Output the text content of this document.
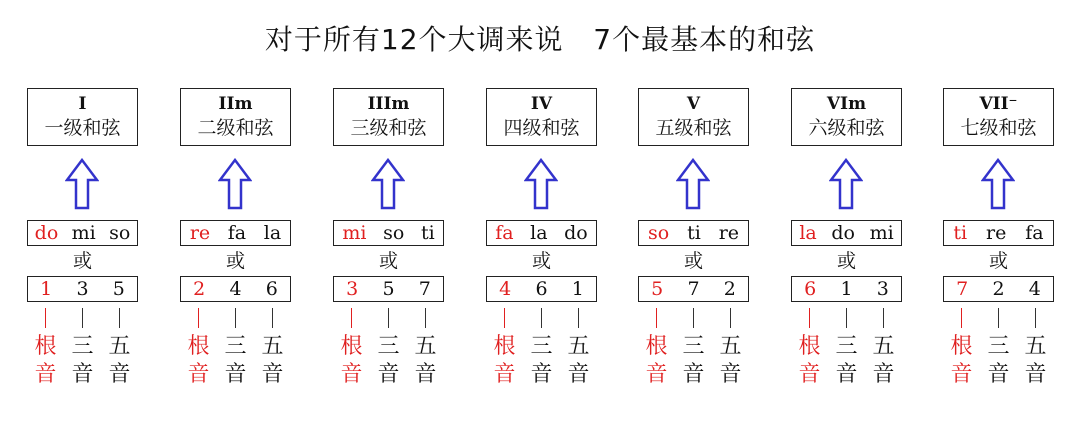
对于所有12个大调来说   7个最基本的和弦
I
一级和弦
do mi so
或
1 3 5
根
音
三
音
五
音
IIm
二级和弦
re fa la
或
2 4 6
根
音
三
音
五
音
IIIm
三级和弦
mi so ti
或
3 5 7
根
音
三
音
五
音
IV
四级和弦
fa la do
或
4 6 1
根
音
三
音
五
音
V
五级和弦
so ti re
或
5 7 2
根
音
三
音
五
音
VIm
六级和弦
la do mi
或
6 1 3
根
音
三
音
五
音
VII⁻
七级和弦
ti re fa
或
7 2 4
根
音
三
音
五
音
